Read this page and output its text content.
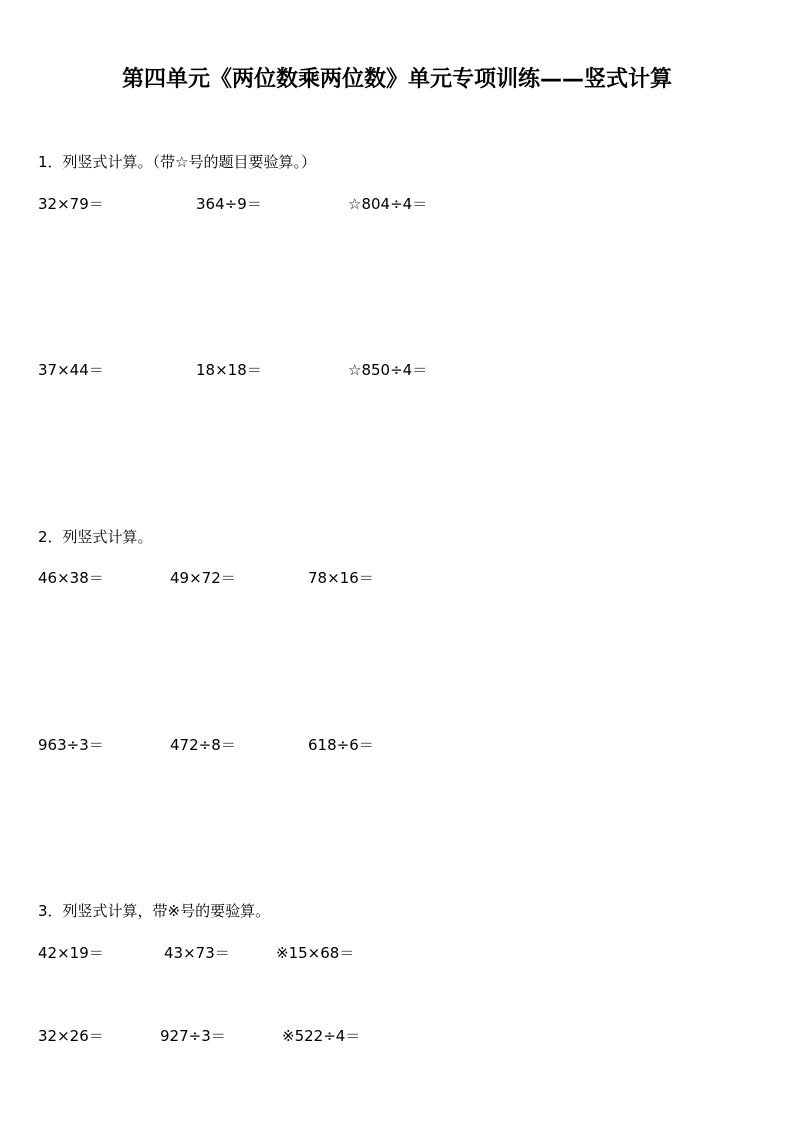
第四单元《两位数乘两位数》单元专项训练——竖式计算
1．列竖式计算。（带☆号的题目要验算。）
32×79＝	364÷9＝	☆804÷4＝
37×44＝	18×18＝	☆850÷4＝
2．列竖式计算。
46×38＝	49×72＝	78×16＝
963÷3＝	472÷8＝	618÷6＝
3．列竖式计算，带※号的要验算。
42×19＝	43×73＝	※15×68＝
32×26＝	927÷3＝	※522÷4＝
